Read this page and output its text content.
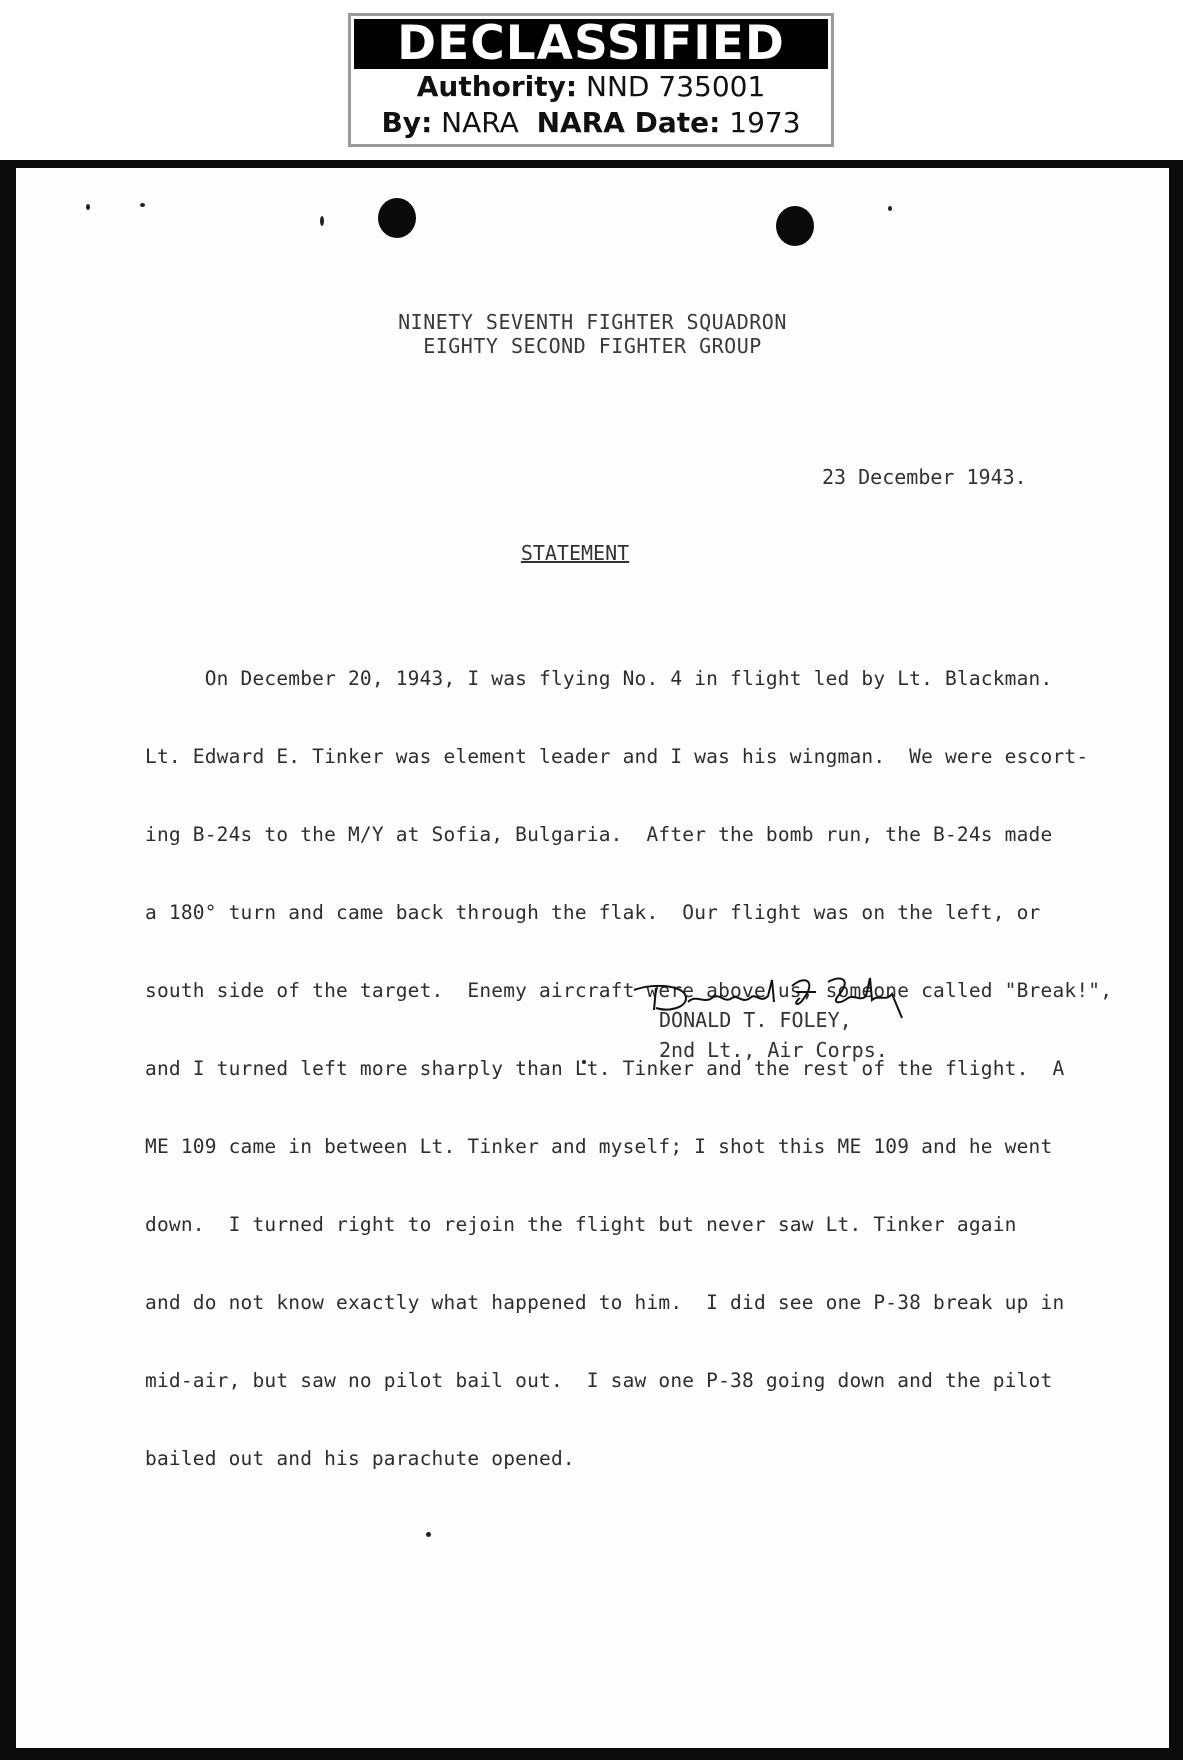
DECLASSIFIED
Authority: NND 735001
By: NARA NARA Date: 1973
NINETY SEVENTH FIGHTER SQUADRON
EIGHTY SECOND FIGHTER GROUP
23 December 1943.
STATEMENT

On December 20, 1943, I was flying No. 4 in flight led by Lt. Blackman.

Lt. Edward E. Tinker was element leader and I was his wingman.  We were escort-

ing B-24s to the M/Y at Sofia, Bulgaria.  After the bomb run, the B-24s made

a 180° turn and came back through the flak.  Our flight was on the left, or

south side of the target.  Enemy aircraft were above us, someone called "Break!",

and I turned left more sharply than Lt. Tinker and the rest of the flight.  A

ME 109 came in between Lt. Tinker and myself; I shot this ME 109 and he went

down.  I turned right to rejoin the flight but never saw Lt. Tinker again

and do not know exactly what happened to him.  I did see one P-38 break up in

mid-air, but saw no pilot bail out.  I saw one P-38 going down and the pilot

bailed out and his parachute opened.

DONALD T. FOLEY,
2nd Lt., Air Corps.
